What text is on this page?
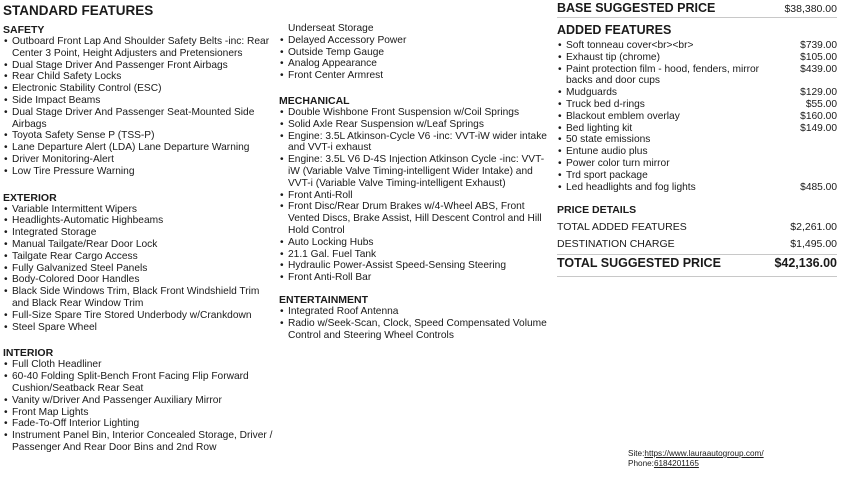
STANDARD FEATURES
SAFETY
• Outboard Front Lap And Shoulder Safety Belts -inc: Rear Center 3 Point, Height Adjusters and Pretensioners
• Dual Stage Driver And Passenger Front Airbags
• Rear Child Safety Locks
• Electronic Stability Control (ESC)
• Side Impact Beams
• Dual Stage Driver And Passenger Seat-Mounted Side Airbags
• Toyota Safety Sense P (TSS-P)
• Lane Departure Alert (LDA) Lane Departure Warning
• Driver Monitoring-Alert
• Low Tire Pressure Warning
EXTERIOR
• Variable Intermittent Wipers
• Headlights-Automatic Highbeams
• Integrated Storage
• Manual Tailgate/Rear Door Lock
• Tailgate Rear Cargo Access
• Fully Galvanized Steel Panels
• Body-Colored Door Handles
• Black Side Windows Trim, Black Front Windshield Trim and Black Rear Window Trim
• Full-Size Spare Tire Stored Underbody w/Crankdown
• Steel Spare Wheel
INTERIOR
• Full Cloth Headliner
• 60-40 Folding Split-Bench Front Facing Flip Forward Cushion/Seatback Rear Seat
• Vanity w/Driver And Passenger Auxiliary Mirror
• Front Map Lights
• Fade-To-Off Interior Lighting
• Instrument Panel Bin, Interior Concealed Storage, Driver / Passenger And Rear Door Bins and 2nd Row
Underseat Storage
• Delayed Accessory Power
• Outside Temp Gauge
• Analog Appearance
• Front Center Armrest
MECHANICAL
• Double Wishbone Front Suspension w/Coil Springs
• Solid Axle Rear Suspension w/Leaf Springs
• Engine: 3.5L Atkinson-Cycle V6 -inc: VVT-iW wider intake and VVT-i exhaust
• Engine: 3.5L V6 D-4S Injection Atkinson Cycle -inc: VVT-iW (Variable Valve Timing-intelligent Wider Intake) and VVT-i (Variable Valve Timing-intelligent Exhaust)
• Front Anti-Roll
• Front Disc/Rear Drum Brakes w/4-Wheel ABS, Front Vented Discs, Brake Assist, Hill Descent Control and Hill Hold Control
• Auto Locking Hubs
• 21.1 Gal. Fuel Tank
• Hydraulic Power-Assist Speed-Sensing Steering
• Front Anti-Roll Bar
ENTERTAINMENT
• Integrated Roof Antenna
• Radio w/Seek-Scan, Clock, Speed Compensated Volume Control and Steering Wheel Controls
BASE SUGGESTED PRICE	$38,380.00
ADDED FEATURES
• Soft tonneau cover<br><br>	$739.00
• Exhaust tip (chrome)	$105.00
• Paint protection film - hood, fenders, mirror backs and door cups
$439.00
• Mudguards	$129.00
• Truck bed d-rings	$55.00
• Blackout emblem overlay	$160.00
• Bed lighting kit	$149.00
• 50 state emissions
• Entune audio plus
• Power color turn mirror
• Trd sport package
• Led headlights and fog lights	$485.00
PRICE DETAILS
TOTAL ADDED FEATURES	$2,261.00
DESTINATION CHARGE	$1,495.00
TOTAL SUGGESTED PRICE	$42,136.00
Site:https://www.lauraautogroup.com/
Phone:6184201165
